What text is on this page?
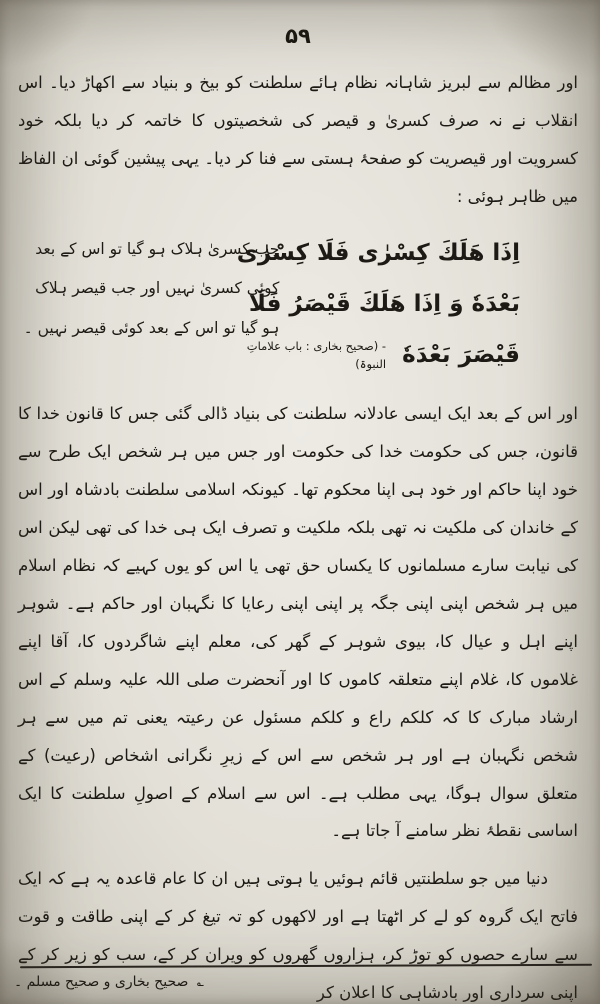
۵۹

اور مظالم سے لبریز شاہانہ نظام ہائے سلطنت کو بیخ و بنیاد سے اکھاڑ دیا۔ اس انقلاب نے نہ صرف کسریٰ و قیصر کی شخصیتوں کا خاتمہ کر دیا بلکہ خود کسرویت اور قیصریت کو صفحۂ ہستی سے فنا کر دیا۔ یہی پیشین گوئی ان الفاظ میں ظاہر ہوئی :

اِذَا هَلَكَ كِسْرٰى فَلَا كِسْرٰى
بَعْدَهٗ وَ اِذَا هَلَكَ قَيْصَرُ فَلَا
قَيْصَرَ بَعْدَهٗ - (صحیح بخاری : باب علاماتِ النبوۃ)
جب کسریٰ ہلاک ہو گیا تو اس کے بعد
کوئی کسریٰ نہیں اور جب قیصر ہلاک
ہو گیا تو اس کے بعد کوئی قیصر نہیں ۔

اور اس کے بعد ایک ایسی عادلانہ سلطنت کی بنیاد ڈالی گئی جس کا قانون خدا کا قانون، جس کی حکومت خدا کی حکومت اور جس میں ہر شخص ایک طرح سے خود اپنا حاکم اور خود ہی اپنا محکوم تھا۔ کیونکہ اسلامی سلطنت بادشاہ اور اس کے خاندان کی ملکیت نہ تھی بلکہ ملکیت و تصرف ایک ہی خدا کی تھی لیکن اس کی نیابت سارے مسلمانوں کا یکساں حق تھی یا اس کو یوں کہیے کہ نظام اسلام میں ہر شخص اپنی اپنی جگہ پر اپنی اپنی رعایا کا نگہبان اور حاکم ہے۔ شوہر اپنے اہل و عیال کا، بیوی شوہر کے گھر کی، معلم اپنے شاگردوں کا، آقا اپنے غلاموں کا، غلام اپنے متعلقہ کاموں کا اور آنحضرت صلی اللہ علیہ وسلم کے اس ارشاد مبارک کا کہ کلکم راع و کلکم مسئول عن رعیتہ یعنی تم میں سے ہر شخص نگہبان ہے اور ہر شخص سے اس کے زیرِ نگرانی اشخاص (رعیت) کے متعلق سوال ہوگا، یہی مطلب ہے۔ اس سے اسلام کے اصولِ سلطنت کا ایک اساسی نقطۂ نظر سامنے آ جاتا ہے۔

دنیا میں جو سلطنتیں قائم ہوئیں یا ہوتی ہیں ان کا عام قاعدہ یہ ہے کہ ایک فاتح ایک گروہ کو لے کر اٹھتا ہے اور لاکھوں کو تہ تیغ کر کے اپنی طاقت و قوت سے سارے حصوں کو توڑ کر، ہزاروں گھروں کو ویران کر کے، سب کو زیر کر کے اپنی سرداری اور بادشاہی کا اعلان کر

؎ صحیح بخاری و صحیح مسلم ۔
